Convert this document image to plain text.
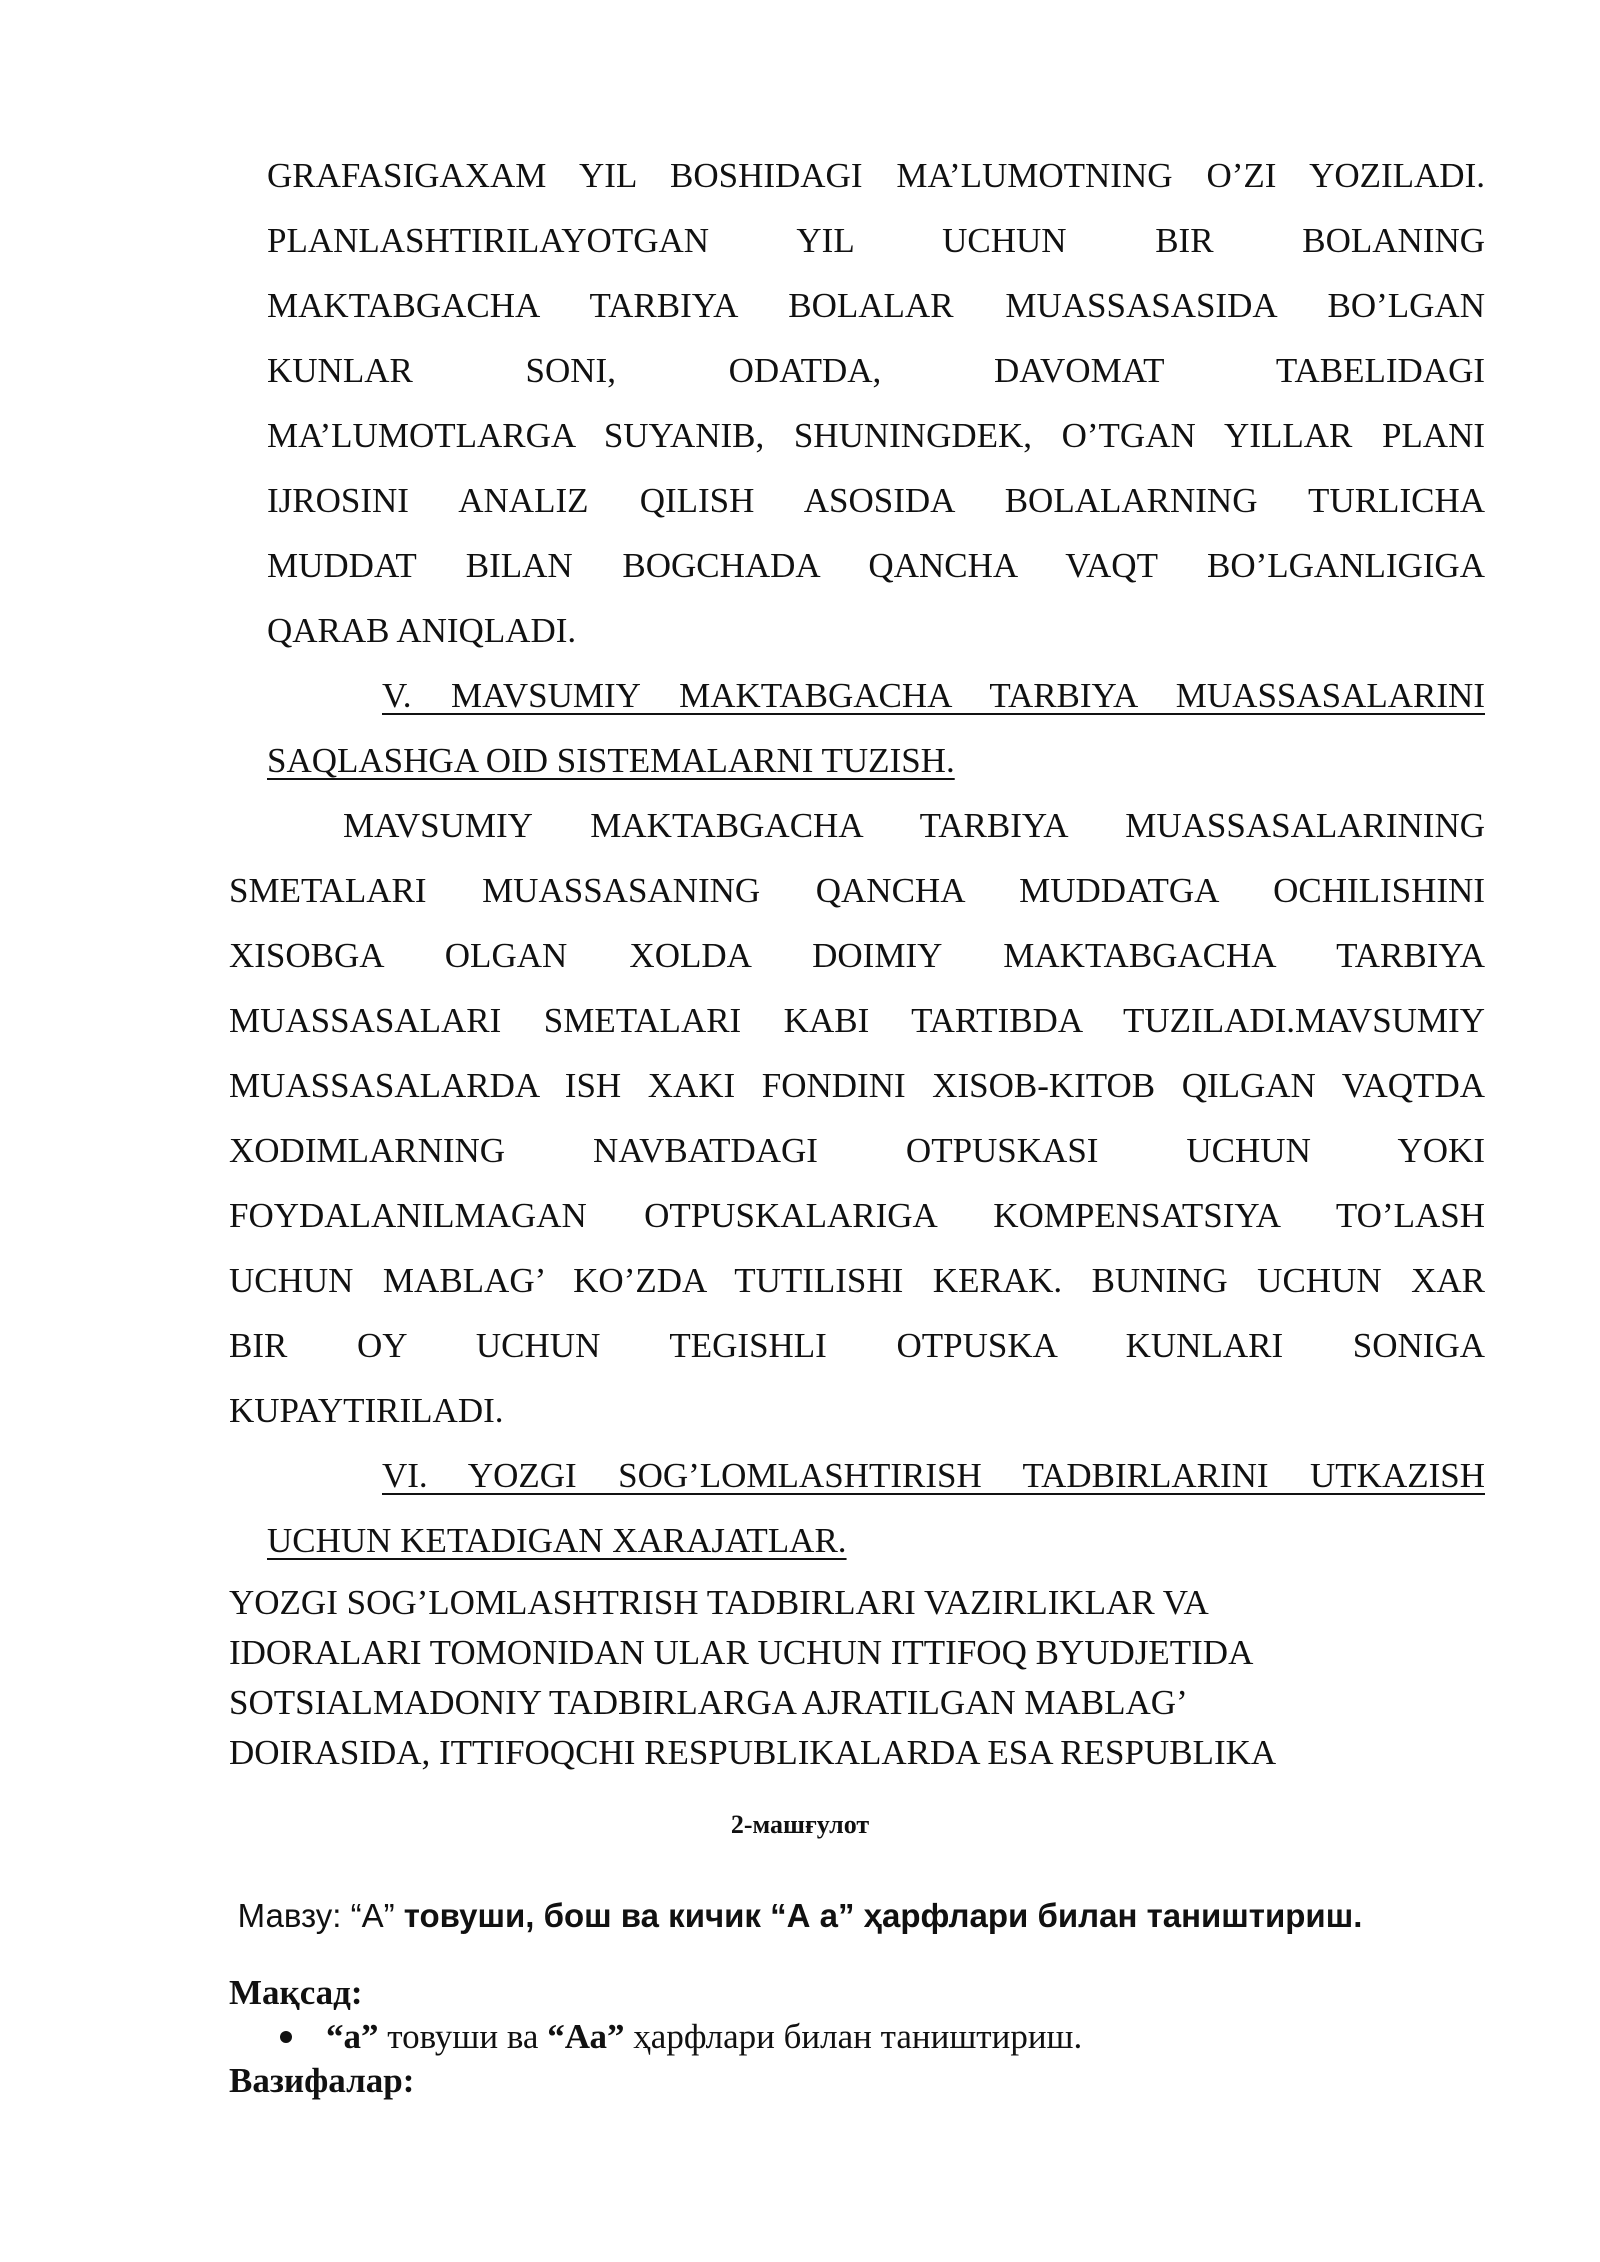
GRAFASIGAXAM YIL BOSHIDAGI MA’LUMOTNING O’ZI YOZILADI.
PLANLASHTIRILAYOTGAN YIL UCHUN BIR BOLANING
MAKTABGACHA TARBIYA BOLALAR MUASSASASIDA BO’LGAN
KUNLAR SONI, ODATDA, DAVOMAT TABELIDAGI
MA’LUMOTLARGA SUYANIB, SHUNINGDEK, O’TGAN YILLAR PLANI
IJROSINI ANALIZ QILISH ASOSIDA BOLALARNING TURLICHA
MUDDAT BILAN BOGCHADA QANCHA VAQT BO’LGANLIGIGA
QARAB ANIQLADI.
V. MAVSUMIY MAKTABGACHA TARBIYA MUASSASALARINI
SAQLASHGA OID SISTEMALARNI TUZISH.
MAVSUMIY MAKTABGACHA TARBIYA MUASSASALARINING
SMETALARI MUASSASANING QANCHA MUDDATGA OCHILISHINI
XISOBGA OLGAN XOLDA DOIMIY MAKTABGACHA TARBIYA
MUASSASALARI SMETALARI KABI TARTIBDA TUZILADI.MAVSUMIY
MUASSASALARDA ISH XAKI FONDINI XISOB-KITOB QILGAN VAQTDA
XODIMLARNING NAVBATDAGI OTPUSKASI UCHUN YOKI
FOYDALANILMAGAN OTPUSKALARIGA KOMPENSATSIYA TO’LASH
UCHUN MABLAG’ KO’ZDA TUTILISHI KERAK. BUNING UCHUN XAR
BIR OY UCHUN TEGISHLI OTPUSKA KUNLARI SONIGA
KUPAYTIRILADI.
VI. YOZGI SOG’LOMLASHTIRISH TADBIRLARINI UTKAZISH
UCHUN KETADIGAN XARAJATLAR.
YOZGI SOG’LOMLASHTRISH TADBIRLARI VAZIRLIKLAR VA
IDORALARI TOMONIDAN ULAR UCHUN ITTIFOQ BYUDJETIDA
SOTSIALMADONIY TADBIRLARGA AJRATILGAN MABLAG’
DOIRASIDA, ITTIFOQCHI RESPUBLIKALARDA ESA RESPUBLIKA
2-машғулот
Мавзу: “А” товуши, бош ва кичик “А а” ҳарфлари билан таништириш.
Мақсад:
“а” товуши ва “Аа” ҳарфлари билан таништириш.
Вазифалар:
